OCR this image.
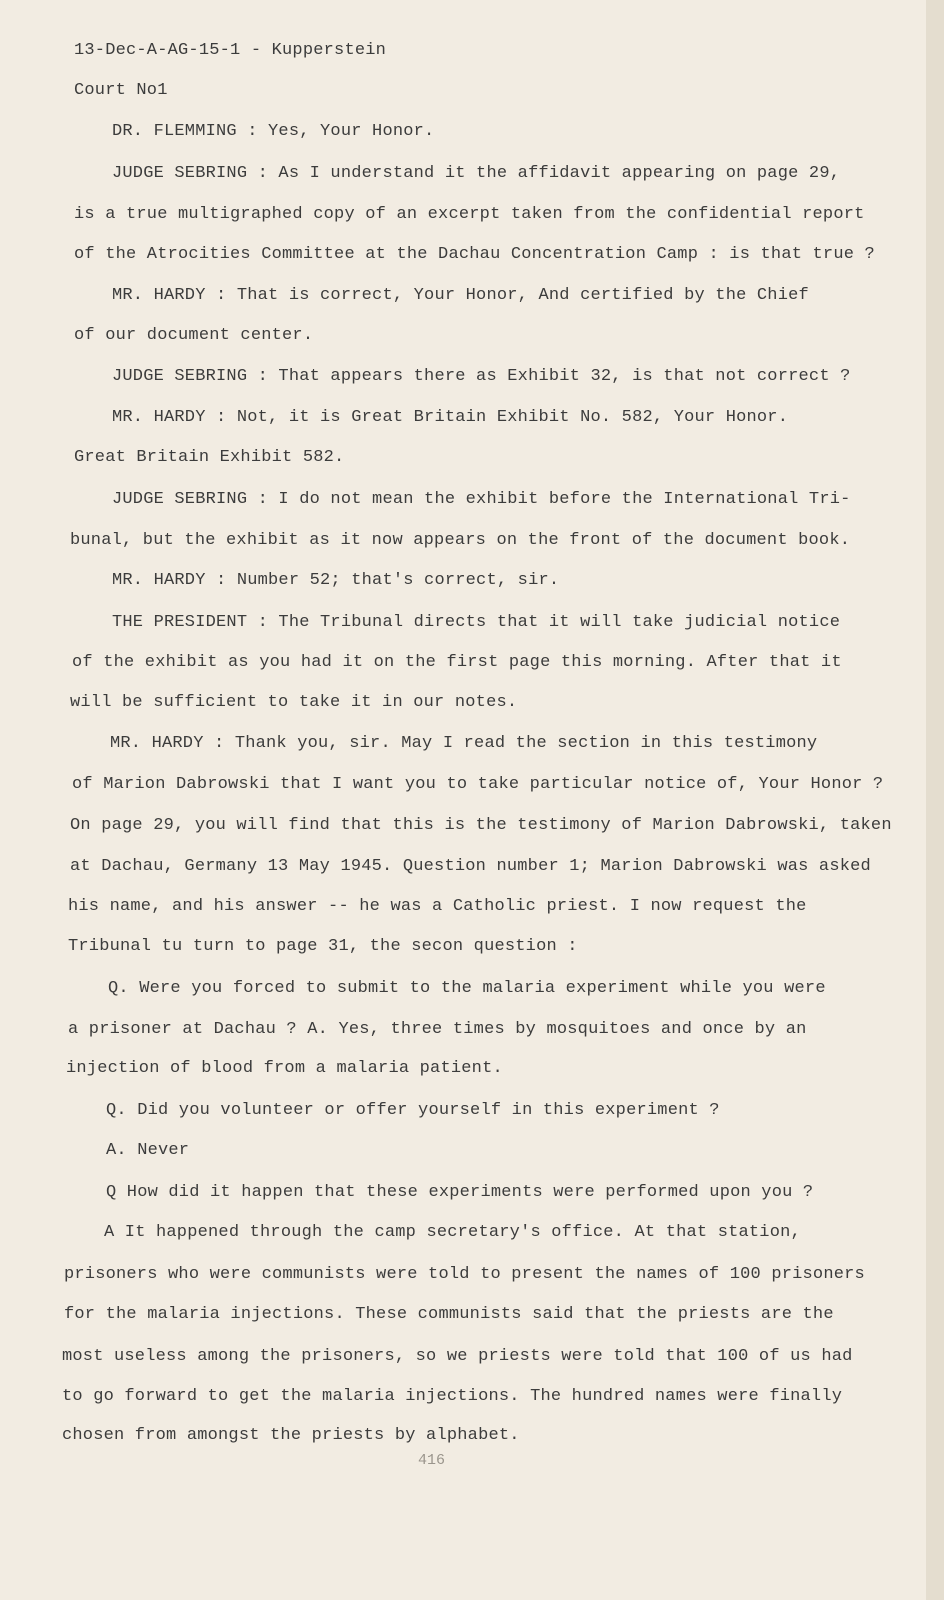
13-Dec-A-AG-15-1 - Kupperstein
Court No1
DR. FLEMMING : Yes, Your Honor.
JUDGE SEBRING : As I understand it the affidavit appearing on page 29,
is a true multigraphed copy of an excerpt taken from the confidential report
of the Atrocities Committee at the Dachau Concentration Camp : is that true ?
MR. HARDY : That is correct, Your Honor, And certified by the Chief
of our document center.
JUDGE SEBRING : That appears there as Exhibit 32, is that not correct ?
MR. HARDY : Not, it is Great Britain Exhibit No. 582, Your Honor.
Great Britain Exhibit 582.
JUDGE SEBRING : I do not mean the exhibit before the International Tri-
bunal, but the exhibit as it now appears on the front of the document book.
MR. HARDY : Number 52; that's correct, sir.
THE PRESIDENT : The Tribunal directs that it will take judicial notice
of the exhibit as you had it on the first page this morning. After that it
will be sufficient to take it in our notes.
MR. HARDY : Thank you, sir. May I read the section in this testimony
of Marion Dabrowski that I want you to take particular notice of, Your Honor ?
On page 29, you will find that this is the testimony of Marion Dabrowski, taken
at Dachau, Germany 13 May 1945. Question number 1; Marion Dabrowski was asked
his name, and his answer -- he was a Catholic priest. I now request the
Tribunal tu turn to page 31, the secon question :
Q. Were you forced to submit to the malaria experiment while you were
a prisoner at Dachau ? A. Yes, three times by mosquitoes and once by an
injection of blood from a malaria patient.
Q. Did you volunteer or offer yourself in this experiment ?
A. Never
Q How did it happen that these experiments were performed upon you ?
A It happened through the camp secretary's office. At that station,
prisoners who were communists were told to present the names of 100 prisoners
for the malaria injections. These communists said that the priests are the
most useless among the prisoners, so we priests were told that 100 of us had
to go forward to get the malaria injections. The hundred names were finally
chosen from amongst the priests by alphabet.
416
